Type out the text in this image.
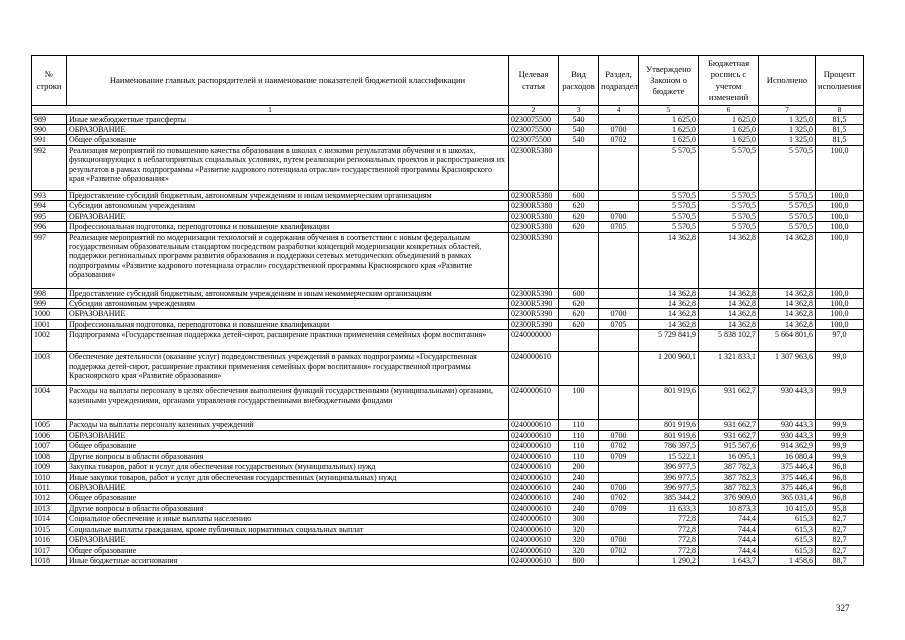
№ строки	Наименование главных распорядителей и наименование показателей бюджетной классификации	Целевая статья	Вид расходов	Раздел, подраздел	Утверждено Законом о бюджете	Бюджетная роспись с учетом изменений	Исполнено	Процент исполнения
1		2	3	4	5	6	7	8
989	Иные межбюджетные трансферты	0230075500	540		1 625,0	1 625,0	1 325,0	81,5
990	ОБРАЗОВАНИЕ	0230075500	540	0700	1 625,0	1 625,0	1 325,0	81,5
991	Общее образование	0230075500	540	0702	1 625,0	1 625,0	1 325,0	81,5
992	Реализация мероприятий по повышению качества образования в школах с низкими результатами обучения и в школах, функционирующих в неблагоприятных социальных условиях, путем реализации региональных проектов и распространения их результатов в рамках подпрограммы «Развитие кадрового потенциала отрасли» государственной программы Красноярского края «Развитие образования»	02300R5380			5 570,5	5 570,5	5 570,5	100,0
993	Предоставление субсидий бюджетным, автономным учреждениям и иным некоммерческим организациям	02300R5380	600		5 570,5	5 570,5	5 570,5	100,0
994	Субсидии автономным учреждениям	02300R5380	620		5 570,5	5 570,5	5 570,5	100,0
995	ОБРАЗОВАНИЕ	02300R5380	620	0700	5 570,5	5 570,5	5 570,5	100,0
996	Профессиональная подготовка, переподготовка и повышение квалификации	02300R5380	620	0705	5 570,5	5 570,5	5 570,5	100,0
997	Реализация мероприятий по модернизации технологий и содержания обучения в соответствии с новым федеральным государственным образовательным стандартом посредством разработки концепций модернизации конкретных областей, поддержки региональных программ развития образования и поддержки сетевых методических объединений в рамках подпрограммы «Развитие кадрового потенциала отрасли» государственной программы Красноярского края «Развитие образования»	02300R5390			14 362,8	14 362,8	14 362,8	100,0
998	Предоставление субсидий бюджетным, автономным учреждениям и иным некоммерческим организациям	02300R5390	600		14 362,8	14 362,8	14 362,8	100,0
999	Субсидии автономным учреждениям	02300R5390	620		14 362,8	14 362,8	14 362,8	100,0
1000	ОБРАЗОВАНИЕ	02300R5390	620	0700	14 362,8	14 362,8	14 362,8	100,0
1001	Профессиональная подготовка, переподготовка и повышение квалификации	02300R5390	620	0705	14 362,8	14 362,8	14 362,8	100,0
1002	Подпрограмма «Государственная поддержка детей-сирот, расширение практики применения семейных форм воспитания»	0240000000			5 729 841,9	5 838 102,7	5 664 801,6	97,0
1003	Обеспечение деятельности (оказание услуг) подведомственных учреждений в рамках подпрограммы «Государственная поддержка детей-сирот, расширение практики применения семейных форм воспитания» государственной программы Красноярского края «Развитие образования»	0240000610			1 200 960,1	1 321 833,1	1 307 963,6	99,0
1004	Расходы на выплаты персоналу в целях обеспечения выполнения функций государственными (муниципальными) органами, казенными учреждениями, органами управления государственными внебюджетными фондами	0240000610	100		801 919,6	931 662,7	930 443,3	99,9
1005	Расходы на выплаты персоналу казенных учреждений	0240000610	110		801 919,6	931 662,7	930 443,3	99,9
1006	ОБРАЗОВАНИЕ	0240000610	110	0700	801 919,6	931 662,7	930 443,3	99,9
1007	Общее образование	0240000610	110	0702	786 397,5	915 567,6	914 362,9	99,9
1008	Другие вопросы в области образования	0240000610	110	0709	15 522,1	16 095,1	16 080,4	99,9
1009	Закупка товаров, работ и услуг для обеспечения государственных (муниципальных) нужд	0240000610	200		396 977,5	387 782,3	375 446,4	96,8
1010	Иные закупки товаров, работ и услуг для обеспечения государственных (муниципальных) нужд	0240000610	240		396 977,5	387 782,3	375 446,4	96,8
1011	ОБРАЗОВАНИЕ	0240000610	240	0700	396 977,5	387 782,3	375 446,4	96,8
1012	Общее образование	0240000610	240	0702	385 344,2	376 909,0	365 031,4	96,8
1013	Другие вопросы в области образования	0240000610	240	0709	11 633,3	10 873,3	10 415,0	95,8
1014	Социальное обеспечение и иные выплаты населению	0240000610	300		772,8	744,4	615,3	82,7
1015	Социальные выплаты гражданам, кроме публичных нормативных социальных выплат	0240000610	320		772,8	744,4	615,3	82,7
1016	ОБРАЗОВАНИЕ	0240000610	320	0700	772,8	744,4	615,3	82,7
1017	Общее образование	0240000610	320	0702	772,8	744,4	615,3	82,7
1018	Иные бюджетные ассигнования	0240000610	800		1 290,2	1 643,7	1 458,6	88,7
327
